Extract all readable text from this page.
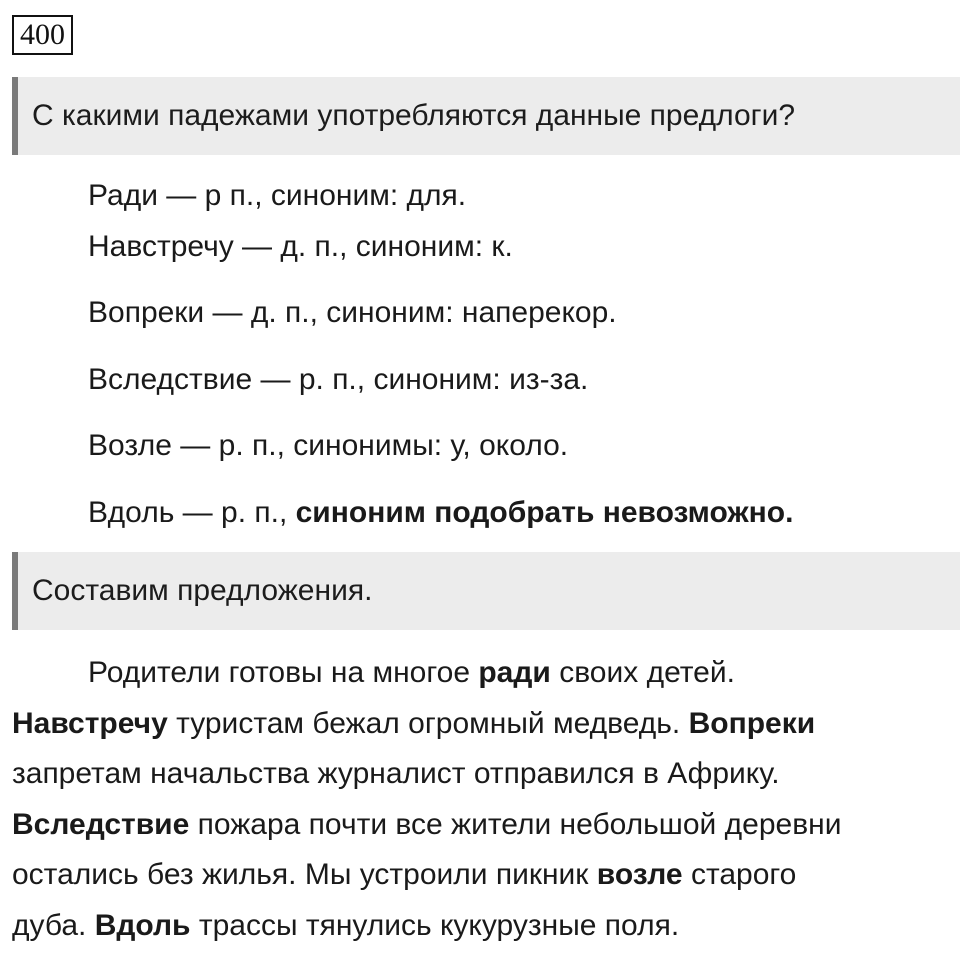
400
С какими падежами употребляются данные предлоги?
Ради — р п., синоним: для.
Навстречу — д. п., синоним: к.
Вопреки — д. п., синоним: наперекор.
Вследствие — р. п., синоним: из-за.
Возле — р. п., синонимы: у, около.
Вдоль — р. п., синоним подобрать невозможно.
Составим предложения.
Родители готовы на многое ради своих детей.
Навстречу туристам бежал огромный медведь. Вопреки
запретам начальства журналист отправился в Африку.
Вследствие пожара почти все жители небольшой деревни
остались без жилья. Мы устроили пикник возле старого
дуба. Вдоль трассы тянулись кукурузные поля.
